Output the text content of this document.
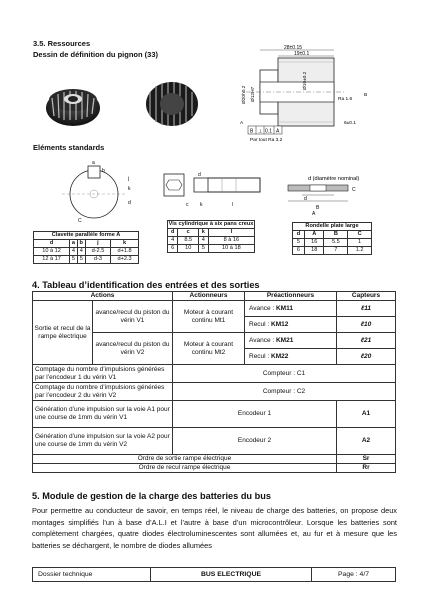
3.5. Ressources
Dessin de définition du pignon (33)
28±0.15
19±0.1
Ø20h0.2 Ø12H7
Ø19±0.2
Ra 1.6
6±0.1
B
A
B ⊥ 0.1 A
Par tout Ra 3.2
Eléments standards
C
a
b
j
k
d
d
c k	l
d (diamètre nominal)
d
B
C
A
Clavette parallèle forme A				
d	a	b	j	k
10 à 12	4	4	d-2.5	d+1.8
12 à 17	5	5	d-3	d+2.3
Vis cylindrique à six pans creux			
d	c	k	l
4	8.5	4	8 à 16
6	10	5	10 à 18
Rondelle plate large			
d	A	B	C
5	16	5.5	1
6	18	7	1.2
4. Tableau d’identification des entrées et des sorties
Actions		Actionneurs	Préactionneurs	Capteurs
Sortie et recul de la rampe électrique	avance/recul du piston du vérin V1	Moteur à courant continu Mt1	Avance : KM11	ℓ11
			Recul : KM12	ℓ10
	avance/recul du piston du vérin V2	Moteur à courant continu Mt2	Avance : KM21	ℓ21
			Recul : KM22	ℓ20
Comptage du nombre d’impulsions générées par l’encodeur 1 du vérin V1		Compteur : C1		
Comptage du nombre d’impulsions générées par l’encodeur 2 du vérin V2		Compteur : C2		
Génération d’une impulsion sur la voie A1 pour une course de 1mm du vérin V1		Encodeur 1		A1
Génération d’une impulsion sur la voie A2 pour une course de 1mm du vérin V2		Encodeur 2		A2
Ordre de sortie rampe électrique				Sr
Ordre de recul rampe électrique				Rr
5. Module de gestion de la charge des batteries du bus
Pour permettre au conducteur de savoir, en temps réel, le niveau de charge des batteries, on propose deux montages simplifiés l’un à base d’A.L.I et l’autre à base d’un microcontrôleur. Lorsque les batteries sont complètement chargées, quatre diodes électroluminescentes sont allumées et, au fur et à mesure que les batteries se déchargent, le nombre de diodes allumées
Dossier technique	BUS ELECTRIQUE	Page : 4/7
